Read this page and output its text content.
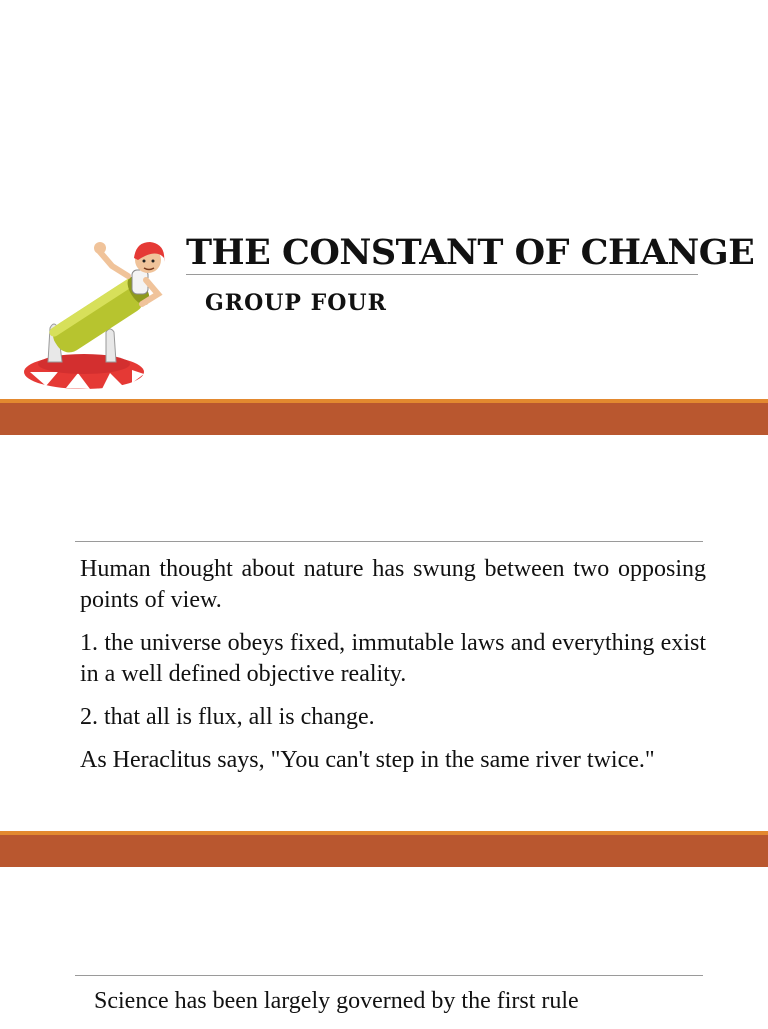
THE CONSTANT OF CHANGE
GROUP FOUR

Human thought about nature has swung between two opposing points of view.

1. the universe obeys fixed, immutable laws and everything exist in a well defined objective reality.

2. that all is flux, all is change.

As Heraclitus says, "You can't step in the same river twice."

Science has been largely governed by the first rule
